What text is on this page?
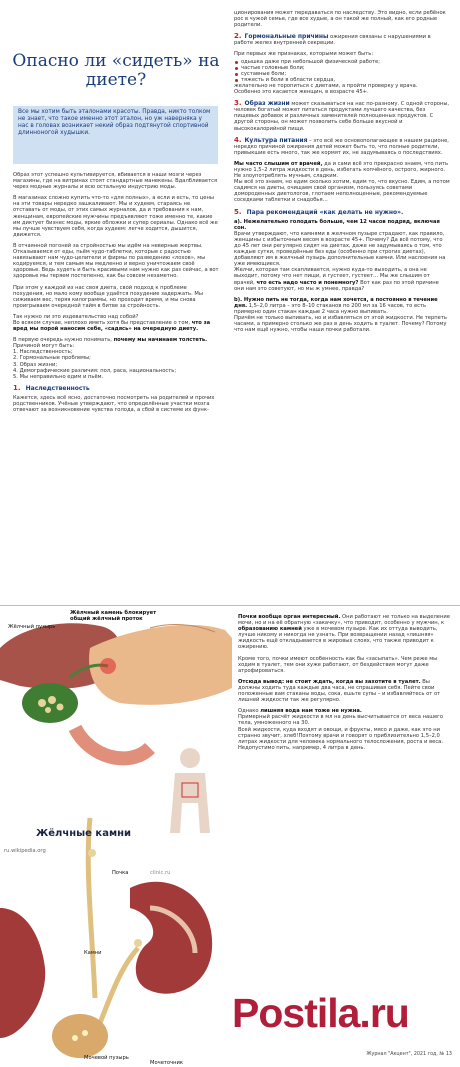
Опасно ли «сидеть» на диете?

Все мы хотим быть эталонами красоты. Правда, никто толком не знает, что такое именно этот эталон, но уж наверняка у нас в головах возникает некий образ подтянутой спортивной длинноногой худышки.

Образ этот успешно культивируется, вбивается в наши мозги через магазины, где на витринах стоят стандартные манекены. Вдалбливается через модные журналы и всю остальную индустрию моды.

В магазинах сложно купить что-то «для полных», а если и есть, то цены на эти товары нередко зашкаливают. Мы и худеем, стараясь не отставать от моды, от этих самых журналов, да и требования к нам, женщинам, европейские мужчины предъявляют тоже именно те, какие им диктует бизнес моды, яркие обложки и супер сериалы. Однако всё же мы лучше чувствуем себя, когда худеем: легче ходится, дышится, движется.

В отчаянной погоней за стройностью мы идём на неверные жертвы. Отказываемся от еды, пьём чудо-таблетки, которые с радостью навязывают нам чудо-целители и фирмы по разведению «лохов», мы кодируемся, и тем самым мы медленно и верно уничтожаем своё здоровье. Ведь худеть и быть красивыми нам нужно как раз сейчас, а вот здоровье мы теряем постепенно, как бы совсем незаметно.

При этом у каждой из нас своя диета, свой подход к проблеме похудения, но мало кому вообще удаётся похудение задержать. Мы сиживаем вес, теряя килограммы, но проходит время, и мы снова проигрываем очередной тайм в битве за стройность.

Так нужно ли это издевательство над собой?
Во всяком случае, неплохо иметь хотя бы представление о том, что за вред мы порой наносим себе, «садясь» на очередную диету.

В первую очередь нужно понимать, почему мы начинаем толстеть.
Причиной могут быть:
1. Наследственность;
2. Гормональные проблемы;
3. Образ жизни;
4. Демографические различия: пол, раса, национальность;
5. Мы неправильно едим и пьём.

1. Наследственность

Кажется, здесь всё ясно, достаточно посмотреть на родителей и прочих родственников. Учёные утверждают, что определённые участки мозга отвечают за возникновение чувства голода, а сбой в системе их функ-

ционирования может передаваться по наследству. Это видно, если ребёнок рос в чужой семье, где все худые, а он такой же полный, как его родные родители.

2. Гормональные причины ожирения связаны с нарушениями в работе желез внутренней секреции.

При первых же признаках, которыми может быть:

одышка даже при небольшой физической работе;
частые головные боли;
суставные боли;
тяжесть и боли в области сердца,

желательно не торопиться с диетами, а пройти проверку у врача.

Особенно это касается женщин, в возрасте 45+.

3. Образ жизни может сказываться на нас по-разному. С одной стороны, человек богатый может питаться продуктами лучшего качества, без пищевых добавок и различных заменителей полноценных продуктов. С другой стороны, он может позволить себе больше вкусной и высококалорийной пищи.

4. Культура питания – это всё же основополагающее в нашем рационе, нередко причиной ожирения детей может быть то, что полные родители, привыкшие есть много, так же кормят их, не задумываясь о последствиях.

Мы часто слышим от врачей, да и сами всё это прекрасно знаем, что пить нужно 1,5–2 литра жидкости в день, избегать копчёного, острого, жирного.
Не злоупотреблять мучным, сладким.
Мы всё это знаем, но едим сколько хотим, едим то, что вкусно. Едим, а потом садимся на диеты, очищаем свой организм, пользуясь советами домороденных диетологов, глотаем неполноценные, рекомендуемые соседками таблетки и снадобья…

5. Пара рекомендаций «как делать не нужно».

а). Нежелательно голодать больше, чем 12 часов подряд, включая сон.
Врачи утверждают, что камнями в желчном пузыре страдают, как правило, женщины с избыточным весом в возрасте 45+. Почему? Да всё потому, что до 45 лет они регулярно сидят на диетах, даже не задумываясь о том, что каждые сутки, проведённые без еды (особенно при строгих диетах), добавляют им в желчный пузырь дополнительные камни. Или наслоения на уже имеющиеся.
Желчи, которая там скапливается, нужно куда-то выходить, а она не выходит, потому что нет пищи, и густеет, густеет… Мы же слышим от врачей, что есть надо часто и понемногу? Вот как раз по этой причине они нам это советуют, но мы ж умнее, правда?

b). Нужно пить не тогда, когда нам хочется, а постоянно в течение дня. 1,5–2,0 литра – это 8–10 стаканов по 200 мл за 16 часов, то есть примерно один стакан каждые 2 часа нужно выпивать.
Причём не только выпивать, но и избавляться от этой жидкости. Не терпеть часами, а примерно столько же раз в день ходить в туалет. Почему? Потому что нам ещё нужно, чтобы наши почки работали.

Жёлчный пузырь
Жёлчный камень блокирует общий жёлчный проток
ru.wikipedia.org
clinic.ru
Почка
Камни
Мочевой пузырь
Мочеточник
Жёлчные камни

Почки вообще орган интересный. Они работают не только на выделение мочи, но и на её обратную «закачку», что приводит, особенно у мужчин, к образованию камней уже в мочевом пузыре. Как их оттуда выводить, лучше никому и никогда не узнать. При возвращении назад «лишняя» жидкость ещё откладывается в жировых слоях, что также приводит к ожирению.

Кроме того, почки имеют особенность как бы «засыпать». Чем реже мы ходим в туалет, тем они хуже работают, от бездействия могут даже атрофироваться.

Отсюда вывод: не стоит ждать, когда вы захотите в туалет. Вы должны ходить туда каждые два часа, не спрашивая себя. Пейте свои положенные вам стаканы воды, сока, ешьте супы – и избавляйтесь от от лишней жидкости так же регулярно.

Однако лишняя вода нам тоже не нужна.
Примерный расчёт жидкости в мл на день высчитывается от веса нашего тела, умноженного на 30.
Всей жидкости, куда входят и овощи, и фрукты, мясо и даже, как это ни странно звучит, хлеб!Поэтому врачи и говорят о приблизительно 1,5–2,0 литрах жидкости для человека нормального телосложения, роста и веса. Недопустимо пить, например, 4 литра в день.

Postila.ru
Журнал "Акцент", 2021 год, № 13
